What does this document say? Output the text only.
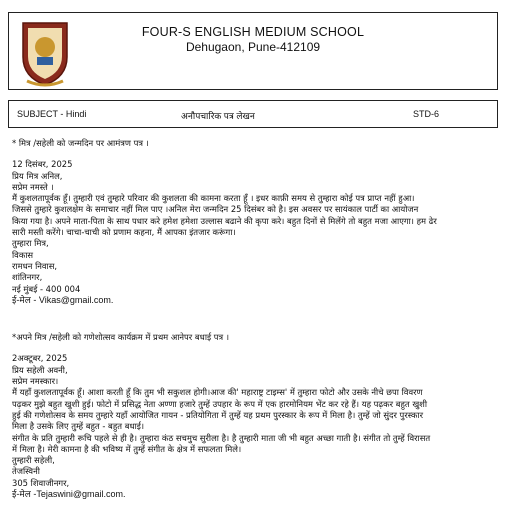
FOUR-S ENGLISH MEDIUM SCHOOL
Dehugaon, Pune-412109
SUBJECT - Hindi	अनौपचारिक पत्र लेखन	STD-6

* मित्र /सहेली को जन्मदिन पर आमंत्रण पत्र ।

12 दिसंबर, 2025

प्रिय मित्र अनिल,

सप्रेम नमस्ते ।

मैं कुशलतापूर्वक हूँ। तुम्हारी एवं तुम्हारे परिवार की कुशलता की कामना करता हूँ । इधर काफ़ी समय से तुम्हारा कोई पत्र प्राप्त नहीं हुआ।

जिससे तुम्हारे कुशलक्षेम के समाचार नहीं मिल पाए ।अनिल मेरा जन्मदिन 25 दिसंबर को है। इस अवसर पर सायंकाल पार्टी का आयोजन

किया गया है। अपने माता-पिता के साथ पधार करे हमेश हमेशा उल्लास बढाने की कृपा करे। बहुत दिनों से मिलेंगे तो बहुत मजा आएगा। हम ढेर

सारी मस्ती करेंगे। चाचा-चाची को प्रणाम कहना, मैं आपका इंतजार करूंगा।

तुम्हारा मित्र,

विकास

रामधन निवास,

शांतिनगर,

नई मुंबई - 400 004

ई-मेल - Vikas@gmail.com.

*अपने मित्र /सहेली को गणेशोत्सव कार्यक्रम में प्रथम आनेपर बधाई पत्र ।

2अक्टूबर, 2025

प्रिय सहेली अवनी,

सप्रेम नमस्कार।

मैं यहाँ कुशलतापूर्वक हूँ। आशा करती हूँ कि तुम भी सकुशल होगी।आज की' महाराष्ट्र टाइम्स' में तुम्हारा फोटो और उसके नीचे छपा विवरण

पढ़कर मुझे बहुत खुशी हुई। फोटो में प्रसिद्ध नेता अण्णा हजारे तुम्हें उपहार के रूप में एक हारमोनियम भेंट कर रहे हैं। यह पढ़कर बहुत खुशी

हुई की गणेशोत्सव के समय तुम्हारे यहाँ आयोजित गायन - प्रतियोगिता में तुम्हें यह प्रथम पुरस्कार के रूप में मिला है। तुम्हें जो सुंदर पुरस्कार

मिला है उसके लिए तुम्हें बहुत - बहुत बधाई।

संगीत के प्रति तुम्हारी रूचि पहले से ही है। तुम्हारा कंठ सचमुच सुरीला है। है तुम्हारी माता जी भी बहुत अच्छा गाती है। संगीत तो तुम्हें विरासत

में मिला है। मेरी कामना है की भविष्य में तुम्हें संगीत के क्षेत्र में सफलता मिले।

तुम्हारी सहेली,

तेजस्विनी

305 शिवाजीनगर,

ई-मेल -Tejaswini@gmail.com.
